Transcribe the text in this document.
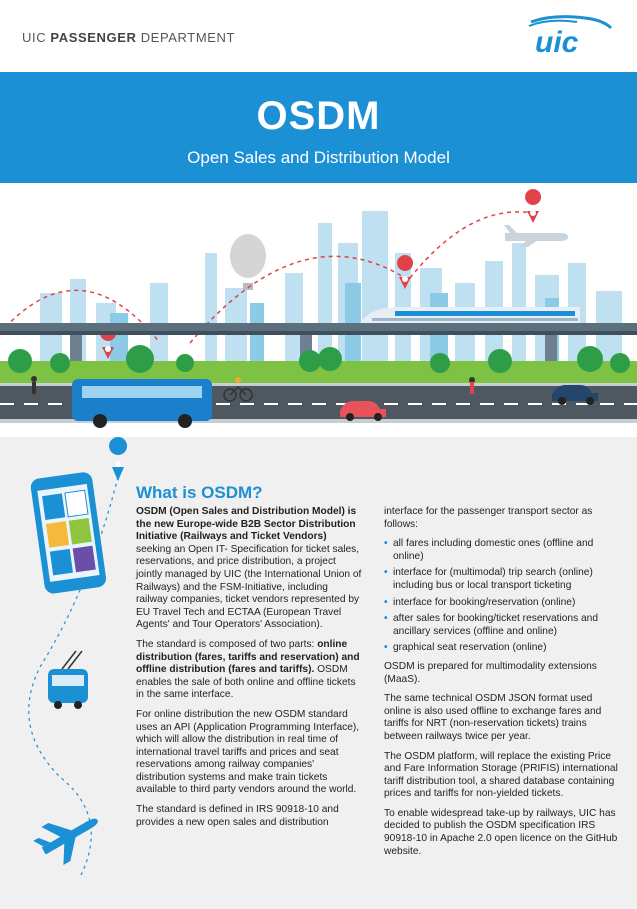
UIC PASSENGER DEPARTMENT	uic
OSDM
Open Sales and Distribution Model
What is OSDM?

OSDM (Open Sales and Distribution Model) is the new Europe-wide B2B Sector Distribution Initiative (Railways and Ticket Vendors) seeking an Open IT- Specification for ticket sales, reservations, and price distribution, a project jointly managed by UIC (the International Union of Railways) and the FSM-Initiative, including railway companies, ticket vendors represented by EU Travel Tech and ECTAA (European Travel Agents' and Tour Operators' Association).

The standard is composed of two parts: online distribution (fares, tariffs and reservation) and offline distribution (fares and tariffs). OSDM enables the sale of both online and offline tickets in the same interface.

For online distribution the new OSDM standard uses an API (Application Programming Interface), which will allow the distribution in real time of international travel tariffs and prices and seat reservations among railway companies' distribution systems and make train tickets available to third party vendors around the world.

The standard is defined in IRS 90918-10 and provides a new open sales and distribution

interface for the passenger transport sector as follows:

• all fares including domestic ones (offline and online)
• interface for (multimodal) trip search (online) including bus or local transport ticketing
• interface for booking/reservation (online)
• after sales for booking/ticket reservations and ancillary services (offline and online)
• graphical seat reservation (online)

OSDM is prepared for multimodality extensions (MaaS).

The same technical OSDM JSON format used online is also used offline to exchange fares and tariffs for NRT (non-reservation tickets) trains between railways twice per year.

The OSDM platform, will replace the existing Price and Fare Information Storage (PRIFIS) international tariff distribution tool, a shared database containing prices and tariffs for non-yielded tickets.

To enable widespread take-up by railways, UIC has decided to publish the OSDM specification IRS 90918-10 in Apache 2.0 open licence on the GitHub website.
